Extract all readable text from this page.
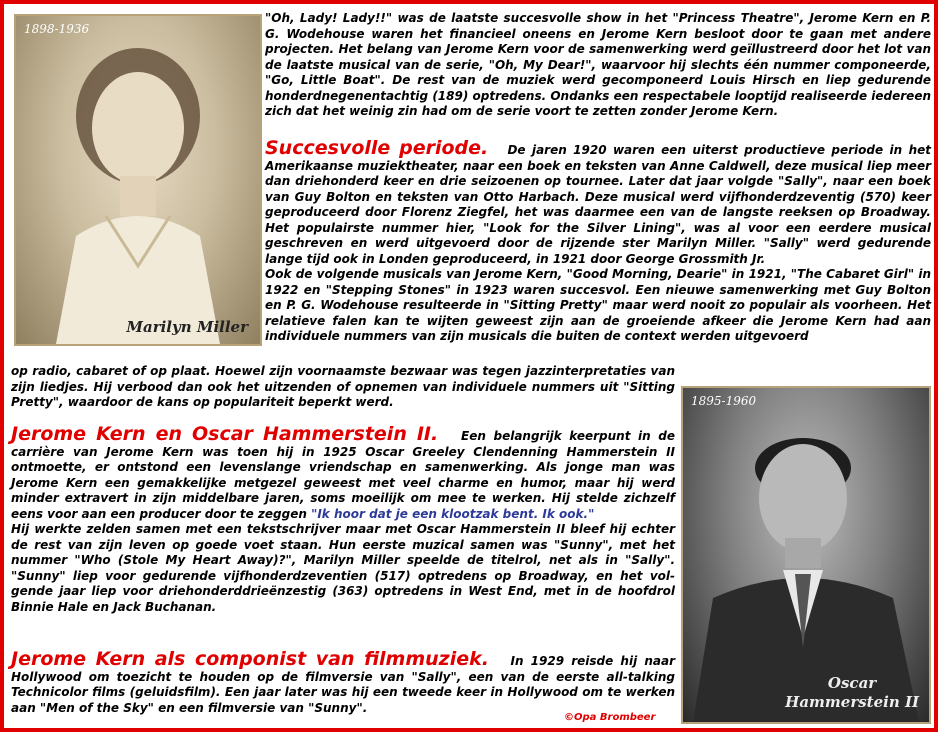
1898-1936
Marilyn Miller
1895-1960
Oscar
Hammerstein II

"Oh, Lady! Lady!!" was de laatste succesvolle show in het "Princess Theatre", Jerome Kern en P. G. Wodehouse waren het financieel oneens en Jerome Kern besloot door te gaan met andere projecten. Het belang van Jerome Kern voor de samenwerking werd geïllustreerd door het lot van de laatste musical van de serie, "Oh, My Dear!", waarvoor hij slechts één nummer componeerde, "Go, Little Boat". De rest van de muziek werd gecomponeerd Louis Hirsch en liep gedurende honderdnegenentachtig (189) optredens. Ondanks een respectabele looptijd realiseerde iedereen zich dat het weinig zin had om de serie voort te zetten zonder Jerome Kern.

Succesvolle periode. De jaren 1920 waren een uiterst productieve periode in het Amerikaanse muziektheater, naar een boek en teksten van Anne Caldwell, deze musical liep meer dan driehonderd keer en drie seizoenen op tournee. Later dat jaar volgde "Sally", naar een boek van Guy Bolton en teksten van Otto Harbach. Deze musical werd vijfhonderdzeventig (570) keer geproduceerd door Florenz Ziegfel, het was daarmee een van de langste reeksen op Broadway. Het populairste nummer hier, "Look for the Silver Lining", was al voor een eerdere musical geschreven en werd uitgevoerd door de rijzende ster Marilyn Miller. "Sally" werd gedurende lange tijd ook in Londen geproduceerd, in 1921 door George Grossmith Jr.
Ook de volgende musicals van Jerome Kern, "Good Morning, Dearie" in 1921, "The Cabaret Girl" in 1922 en "Stepping Stones" in 1923 waren succesvol. Een nieuwe samenwerking met Guy Bolton en P. G. Wodehouse resulteerde in "Sitting Pretty" maar werd nooit zo populair als voorheen. Het relatieve falen kan te wijten geweest zijn aan de groeiende afkeer die Jerome Kern had aan individuele nummers van zijn musicals die buiten de context werden uitgevoerd

op radio, cabaret of op plaat. Hoewel zijn voornaamste bezwaar was tegen jazzinterpretaties van zijn liedjes. Hij verbood dan ook het uitzenden of opnemen van individuele nummers uit "Sitting Pretty", waardoor de kans op populariteit beperkt werd.

Jerome Kern en Oscar Hammerstein II. Een belangrijk keerpunt in de carrière van Jerome Kern was toen hij in 1925 Oscar Greeley Clendenning Hammerstein II ontmoette, er ontstond een levenslange vriendschap en samenwerking. Als jonge man was Jerome Kern een gemakkelijke metgezel geweest met veel charme en humor, maar hij werd minder extravert in zijn middelbare jaren, soms moeilijk om mee te werken. Hij stelde zichzelf eens voor aan een producer door te zeggen "Ik hoor dat je een klootzak bent. Ik ook."
Hij werkte zelden samen met een tekstschrijver maar met Oscar Hammerstein II bleef hij echter de rest van zijn leven op goede voet staan. Hun eerste muzical samen was "Sunny", met het nummer "Who (Stole My Heart Away)?", Marilyn Miller speelde de titelrol, net als in "Sally". "Sunny" liep voor gedurende vijfhonderdzeventien (517) optredens op Broadway, en het vol-gende jaar liep voor driehonderddrieënzestig (363) optredens in West End, met in de hoofdrol Binnie Hale en Jack Buchanan.

Jerome Kern als componist van filmmuziek. In 1929 reisde hij naar Hollywood om toezicht te houden op de filmversie van "Sally", een van de eerste all-talking Technicolor films (geluidsfilm). Een jaar later was hij een tweede keer in Hollywood om te werken aan "Men of the Sky" en een filmversie van "Sunny".

©Opa Brombeer
